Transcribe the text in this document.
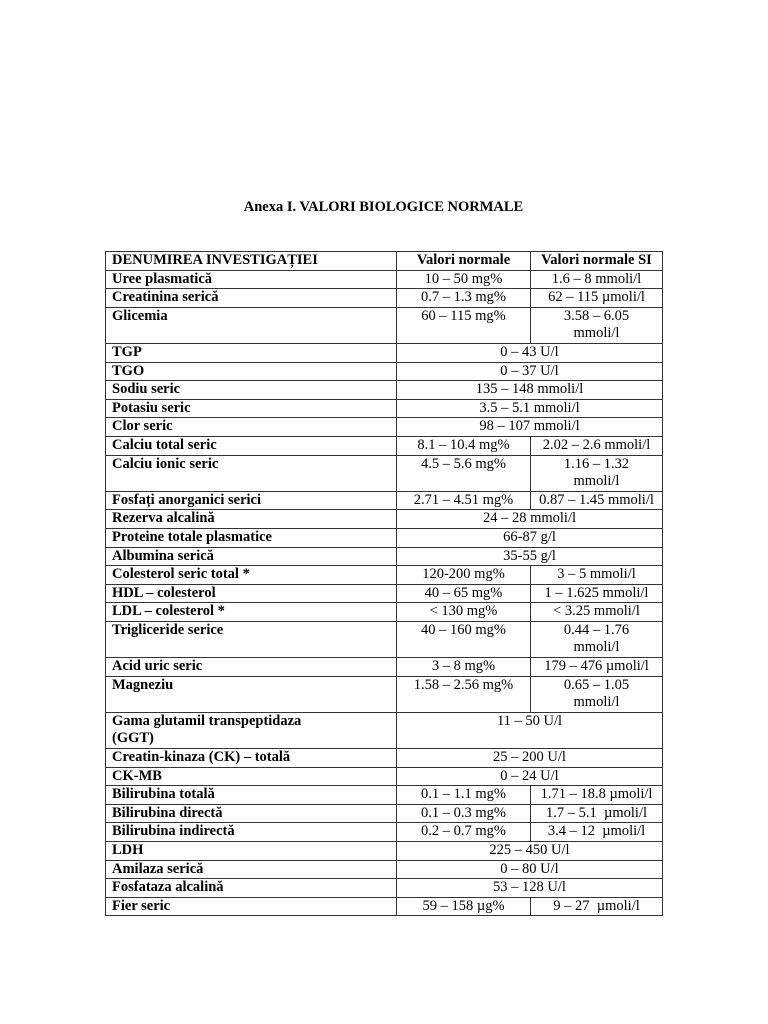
Anexa I. VALORI BIOLOGICE NORMALE
DENUMIREA INVESTIGAȚIEI	Valori normale	Valori normale SI

Uree plasmatică	10 – 50 mg%	1.6 – 8 mmoli/l

Creatinina serică	0.7 – 1.3 mg%	62 – 115 µmoli/l

Glicemia	60 – 115 mg%	3.58 – 6.05
mmoli/l

TGP	0 – 43 U/l	

TGO	0 – 37 U/l	

Sodiu seric	135 – 148 mmoli/l	

Potasiu seric	3.5 – 5.1 mmoli/l	

Clor seric	98 – 107 mmoli/l	

Calciu total seric	8.1 – 10.4 mg%	2.02 – 2.6 mmoli/l

Calciu ionic seric	4.5 – 5.6 mg%	1.16 – 1.32
mmoli/l

Fosfați anorganici serici	2.71 – 4.51 mg%	0.87 – 1.45 mmoli/l

Rezerva alcalină	24 – 28 mmoli/l	

Proteine totale plasmatice	66-87 g/l	

Albumina serică	35-55 g/l	

Colesterol seric total *	120-200 mg%	3 – 5 mmoli/l

HDL – colesterol	40 – 65 mg%	1 – 1.625 mmoli/l

LDL – colesterol *	< 130 mg%	< 3.25 mmoli/l

Trigliceride serice	40 – 160 mg%	0.44 – 1.76
mmoli/l

Acid uric seric	3 – 8 mg%	179 – 476 µmoli/l

Magneziu	1.58 – 2.56 mg%	0.65 – 1.05
mmoli/l

Gama glutamil transpeptidaza
(GGT)	11 – 50 U/l	

Creatin-kinaza (CK) – totală	25 – 200 U/l	

CK-MB	0 – 24 U/l	

Bilirubina totală	0.1 – 1.1 mg%	1.71 – 18.8 µmoli/l

Bilirubina directă	0.1 – 0.3 mg%	1.7 – 5.1  µmoli/l

Bilirubina indirectă	0.2 – 0.7 mg%	3.4 – 12  µmoli/l

LDH	225 – 450 U/l	

Amilaza serică	0 – 80 U/l	

Fosfataza alcalină	53 – 128 U/l	

Fier seric	59 – 158 µg%	9 – 27  µmoli/l
